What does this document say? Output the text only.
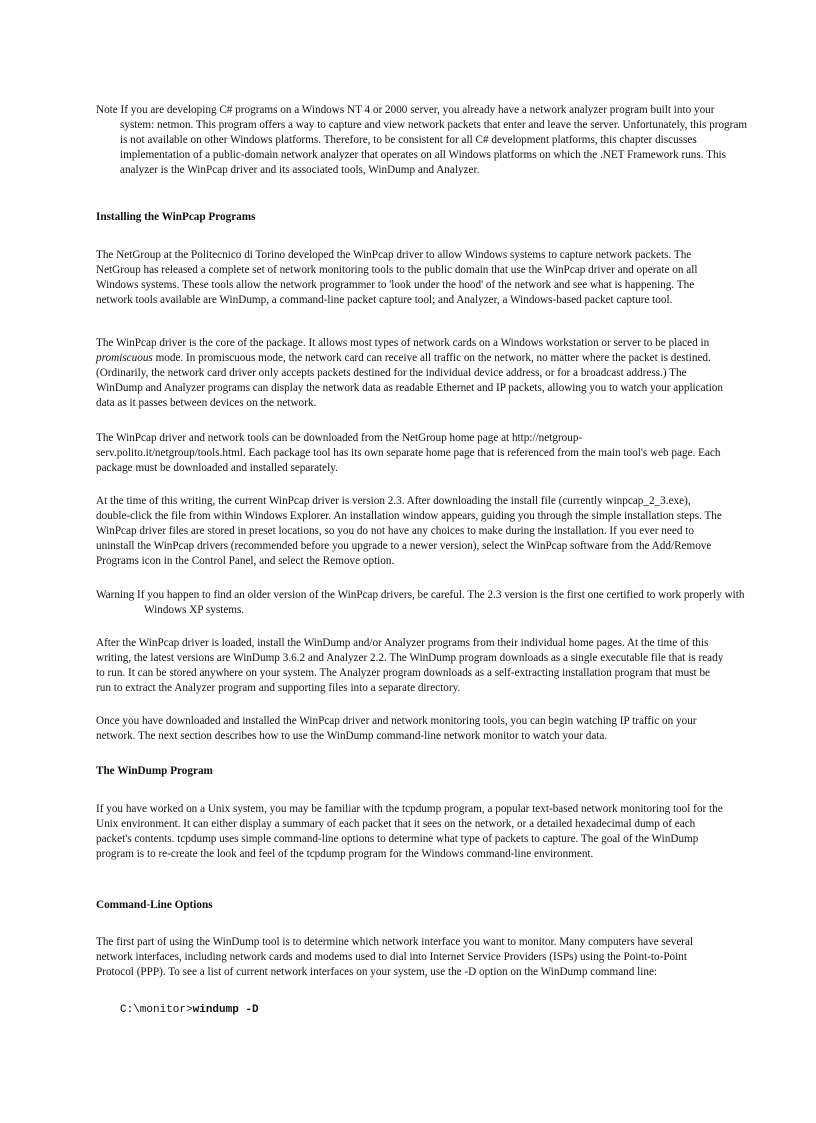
Note If you are developing C# programs on a Windows NT 4 or 2000 server, you already have a network analyzer program built into your system: netmon. This program offers a way to capture and view network packets that enter and leave the server. Unfortunately, this program is not available on other Windows platforms. Therefore, to be consistent for all C# development platforms, this chapter discusses implementation of a public-domain network analyzer that operates on all Windows platforms on which the .NET Framework runs. This analyzer is the WinPcap driver and its associated tools, WinDump and Analyzer.
Installing the WinPcap Programs
The NetGroup at the Politecnico di Torino developed the WinPcap driver to allow Windows systems to capture network packets. The NetGroup has released a complete set of network monitoring tools to the public domain that use the WinPcap driver and operate on all Windows systems. These tools allow the network programmer to 'look under the hood' of the network and see what is happening. The network tools available are WinDump, a command-line packet capture tool; and Analyzer, a Windows-based packet capture tool.
The WinPcap driver is the core of the package. It allows most types of network cards on a Windows workstation or server to be placed in promiscuous mode. In promiscuous mode, the network card can receive all traffic on the network, no matter where the packet is destined. (Ordinarily, the network card driver only accepts packets destined for the individual device address, or for a broadcast address.) The WinDump and Analyzer programs can display the network data as readable Ethernet and IP packets, allowing you to watch your application data as it passes between devices on the network.
The WinPcap driver and network tools can be downloaded from the NetGroup home page at http://netgroup-serv.polito.it/netgroup/tools.html. Each package tool has its own separate home page that is referenced from the main tool's web page. Each package must be downloaded and installed separately.
At the time of this writing, the current WinPcap driver is version 2.3. After downloading the install file (currently winpcap_2_3.exe), double-click the file from within Windows Explorer. An installation window appears, guiding you through the simple installation steps. The WinPcap driver files are stored in preset locations, so you do not have any choices to make during the installation. If you ever need to uninstall the WinPcap drivers (recommended before you upgrade to a newer version), select the WinPcap software from the Add/Remove Programs icon in the Control Panel, and select the Remove option.
Warning If you happen to find an older version of the WinPcap drivers, be careful. The 2.3 version is the first one certified to work properly with Windows XP systems.
After the WinPcap driver is loaded, install the WinDump and/or Analyzer programs from their individual home pages. At the time of this writing, the latest versions are WinDump 3.6.2 and Analyzer 2.2. The WinDump program downloads as a single executable file that is ready to run. It can be stored anywhere on your system. The Analyzer program downloads as a self-extracting installation program that must be run to extract the Analyzer program and supporting files into a separate directory.
Once you have downloaded and installed the WinPcap driver and network monitoring tools, you can begin watching IP traffic on your network. The next section describes how to use the WinDump command-line network monitor to watch your data.
The WinDump Program
If you have worked on a Unix system, you may be familiar with the tcpdump program, a popular text-based network monitoring tool for the Unix environment. It can either display a summary of each packet that it sees on the network, or a detailed hexadecimal dump of each packet's contents. tcpdump uses simple command-line options to determine what type of packets to capture. The goal of the WinDump program is to re-create the look and feel of the tcpdump program for the Windows command-line environment.
Command-Line Options
The first part of using the WinDump tool is to determine which network interface you want to monitor. Many computers have several network interfaces, including network cards and modems used to dial into Internet Service Providers (ISPs) using the Point-to-Point Protocol (PPP). To see a list of current network interfaces on your system, use the -D option on the WinDump command line:
C:\monitor>windump -D
